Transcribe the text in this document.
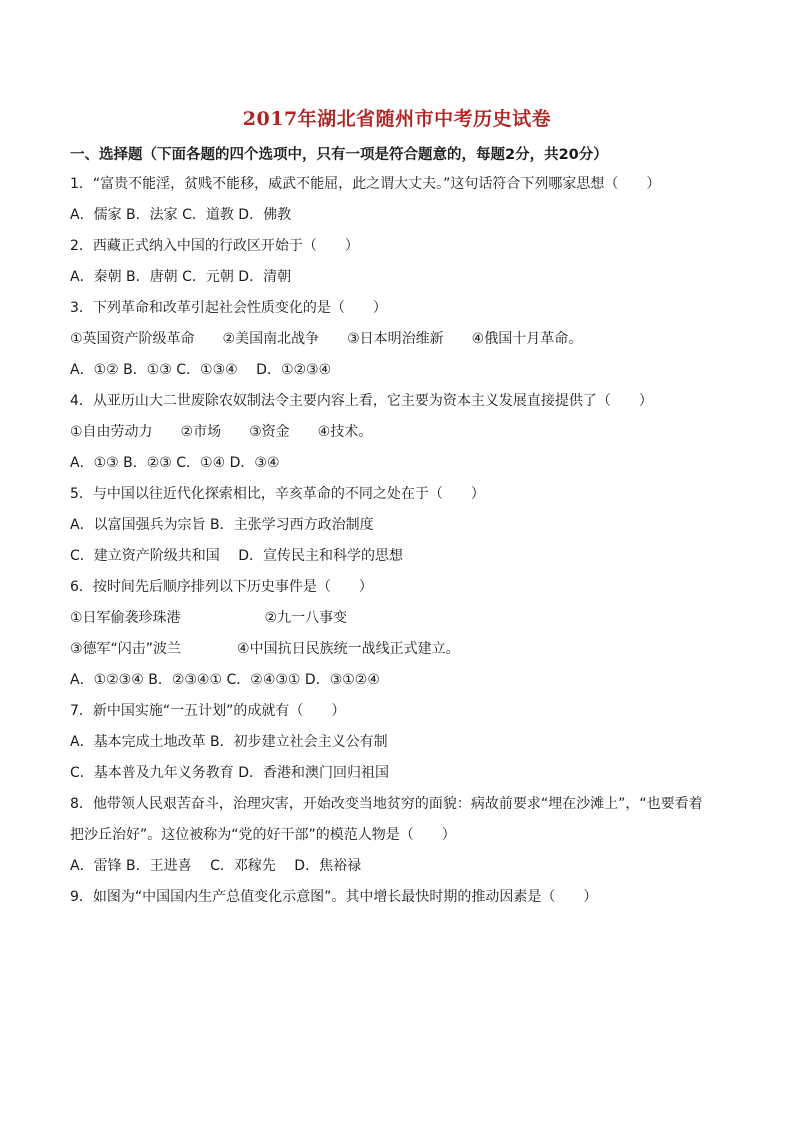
2017年湖北省随州市中考历史试卷
一、选择题（下面各题的四个选项中，只有一项是符合题意的，每题2分，共20分）
1．“富贵不能淫，贫贱不能移，威武不能屈，此之谓大丈夫。”这句话符合下列哪家思想（　　）
A．儒家 B．法家 C．道教 D．佛教
2．西藏正式纳入中国的行政区开始于（　　）
A．秦朝 B．唐朝 C．元朝 D．清朝
3．下列革命和改革引起社会性质变化的是（　　）
①英国资产阶级革命　　②美国南北战争　　③日本明治维新　　④俄国十月革命。
A．①② B．①③ C．①③④　 D．①②③④
4．从亚历山大二世废除农奴制法令主要内容上看，它主要为资本主义发展直接提供了（　　）
①自由劳动力　　②市场　　③资金　　④技术。
A．①③ B．②③ C．①④ D．③④
5．与中国以往近代化探索相比，辛亥革命的不同之处在于（　　）
A．以富国强兵为宗旨 B．主张学习西方政治制度
C．建立资产阶级共和国　 D．宣传民主和科学的思想
6．按时间先后顺序排列以下历史事件是（　　）
①日军偷袭珍珠港　　　　　　②九一八事变
③德军“闪击”波兰　　　　④中国抗日民族统一战线正式建立。
A．①②③④ B．②③④① C．②④③① D．③①②④
7．新中国实施“一五计划”的成就有（　　）
A．基本完成土地改革 B．初步建立社会主义公有制
C．基本普及九年义务教育 D．香港和澳门回归祖国
8．他带领人民艰苦奋斗，治理灾害，开始改变当地贫穷的面貌：病故前要求“埋在沙滩上”，“也要看着
把沙丘治好”。这位被称为“党的好干部”的模范人物是（　　）
A．雷锋 B．王进喜　 C．邓稼先　 D．焦裕禄
9．如图为“中国国内生产总值变化示意图”。其中增长最快时期的推动因素是（　　）
